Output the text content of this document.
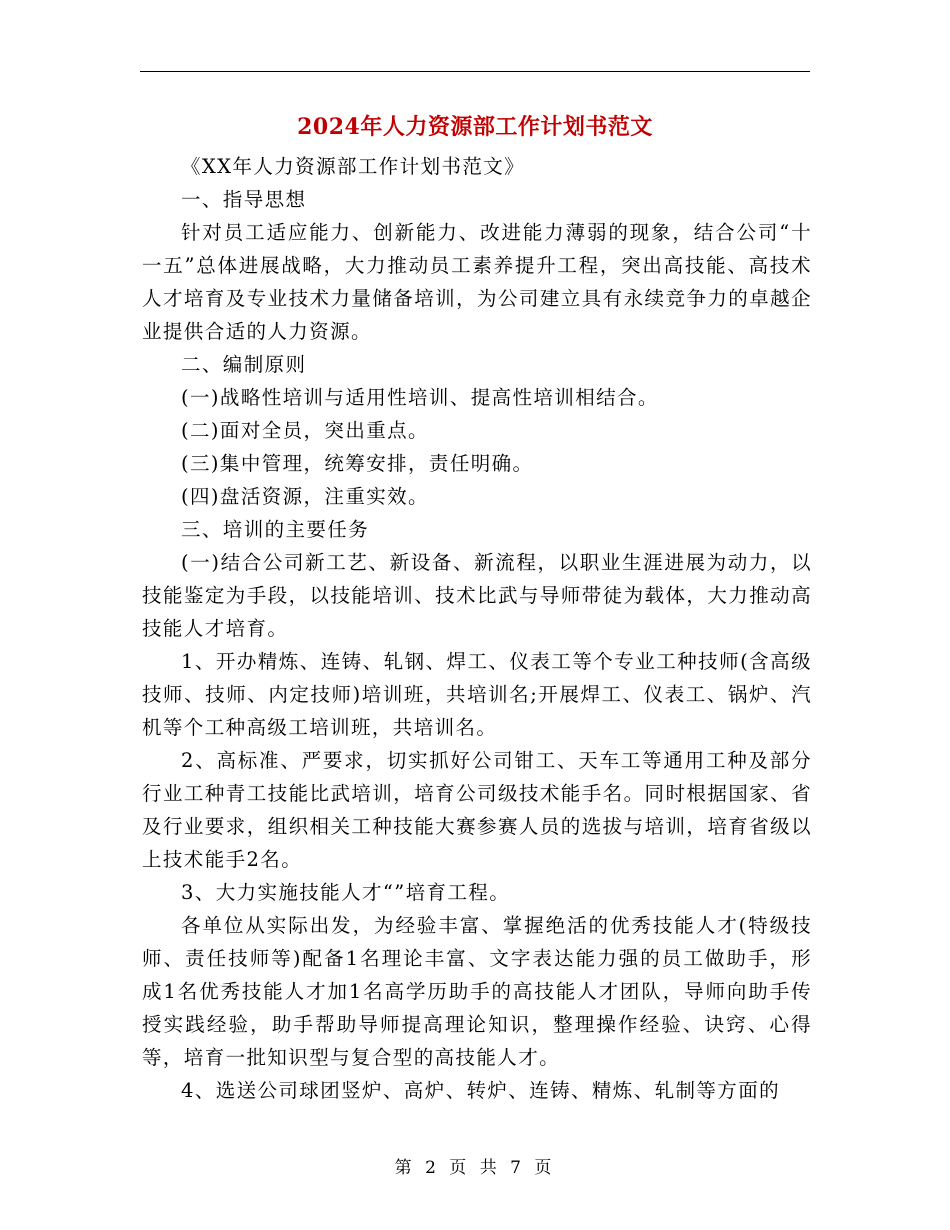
2024年人力资源部工作计划书范文

《XX年人力资源部工作计划书范文》

一、指导思想

针对员工适应能力、创新能力、改进能力薄弱的现象，结合公司“十一五”总体进展战略，大力推动员工素养提升工程，突出高技能、高技术人才培育及专业技术力量储备培训，为公司建立具有永续竞争力的卓越企业提供合适的人力资源。

二、编制原则

(一)战略性培训与适用性培训、提高性培训相结合。

(二)面对全员，突出重点。

(三)集中管理，统筹安排，责任明确。

(四)盘活资源，注重实效。

三、培训的主要任务

(一)结合公司新工艺、新设备、新流程，以职业生涯进展为动力，以技能鉴定为手段，以技能培训、技术比武与导师带徒为载体，大力推动高技能人才培育。

1、开办精炼、连铸、轧钢、焊工、仪表工等个专业工种技师(含高级技师、技师、内定技师)培训班，共培训名;开展焊工、仪表工、锅炉、汽机等个工种高级工培训班，共培训名。

2、高标准、严要求，切实抓好公司钳工、天车工等通用工种及部分行业工种青工技能比武培训，培育公司级技术能手名。同时根据国家、省及行业要求，组织相关工种技能大赛参赛人员的选拔与培训，培育省级以上技术能手2名。

3、大力实施技能人才“”培育工程。

各单位从实际出发，为经验丰富、掌握绝活的优秀技能人才(特级技师、责任技师等)配备1名理论丰富、文字表达能力强的员工做助手，形成1名优秀技能人才加1名高学历助手的高技能人才团队，导师向助手传授实践经验，助手帮助导师提高理论知识，整理操作经验、诀窍、心得等，培育一批知识型与复合型的高技能人才。

4、选送公司球团竖炉、高炉、转炉、连铸、精炼、轧制等方面的

第 2 页 共 7 页
